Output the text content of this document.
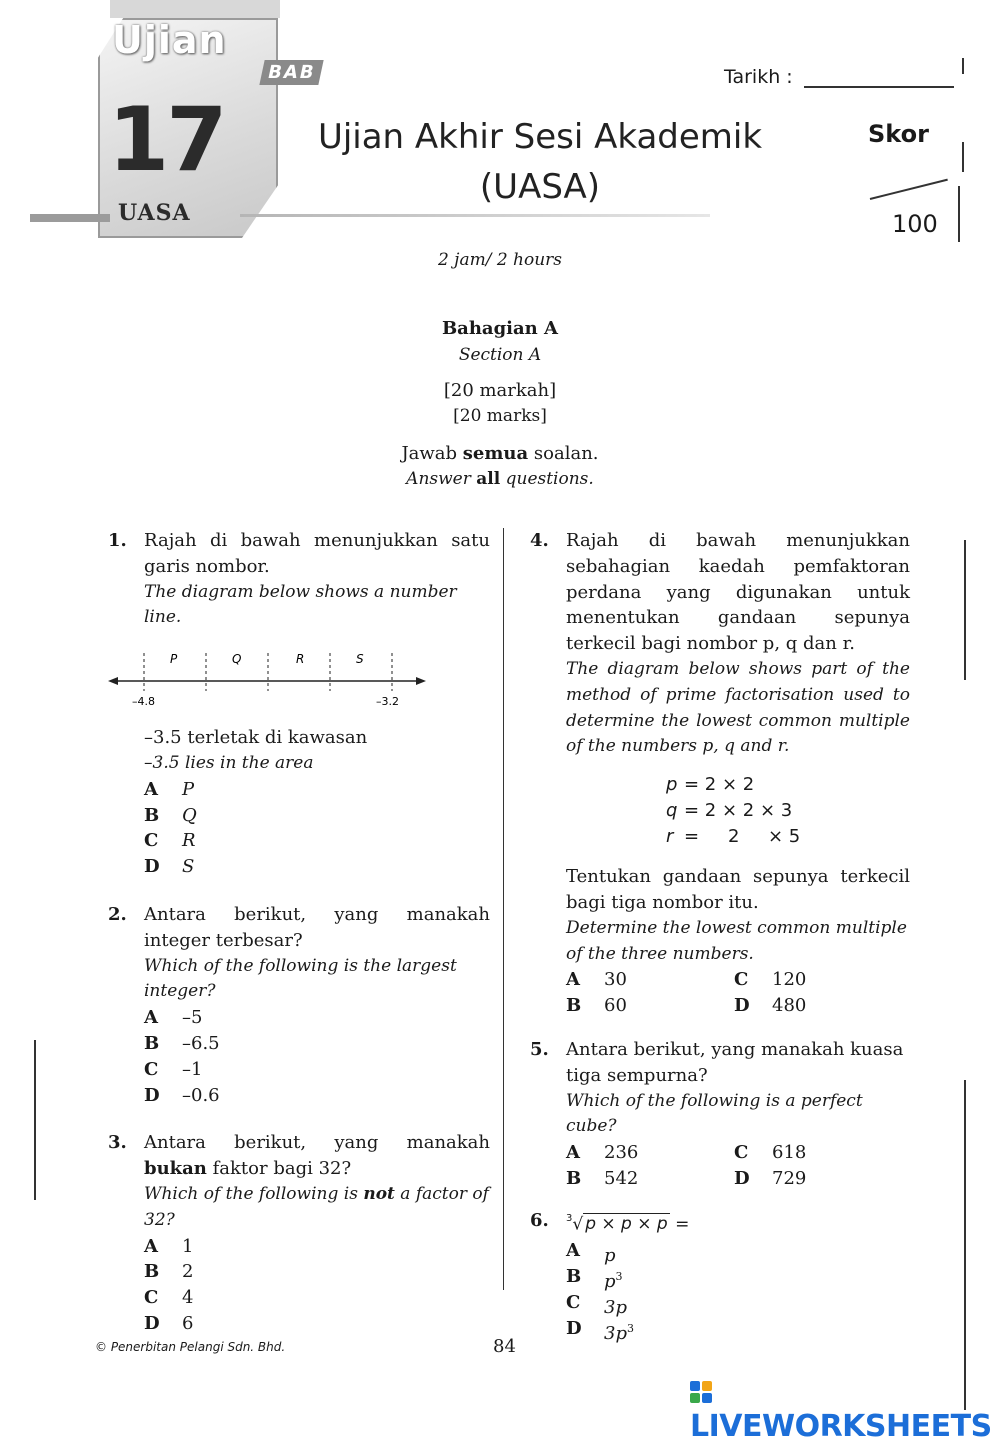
Ujian
17
UASA
BAB
Ujian Akhir Sesi Akademik
(UASA)
Tarikh :
Skor
100
2 jam/ 2 hours
Bahagian A
Section A
[20 markah]
[20 marks]
Jawab semua soalan.
Answer all questions.
1. Rajah di bawah menunjukkan satu garis nombor.
The diagram below shows a number line.
P	Q	R	S
–4.8	–3.2
–3.5 terletak di kawasan
–3.5 lies in the area
A	P
B	Q
C	R
D	S
2. Antara berikut, yang manakah integer terbesar?
Which of the following is the largest integer?
A	–5
B	–6.5
C	–1
D	–0.6
3. Antara berikut, yang manakah bukan faktor bagi 32?
Which of the following is not a factor of 32?
A	1
B	2
C	4
D	6
4. Rajah di bawah menunjukkan sebahagian kaedah pemfaktoran perdana yang digunakan untuk menentukan gandaan sepunya terkecil bagi nombor p, q dan r.
The diagram below shows part of the method of prime factorisation used to determine the lowest common multiple of the numbers p, q and r.
p = 2 × 2
q = 2 × 2 × 3
r = 2 × 5
Tentukan gandaan sepunya terkecil bagi tiga nombor itu.
Determine the lowest common multiple of the three numbers.
A	30	C	120
B	60	D	480
5. Antara berikut, yang manakah kuasa tiga sempurna?
Which of the following is a perfect cube?
A	236	C	618
B	542	D	729
6.	$^3$√ p × p × p =
A	p
B	$p^3$
C	3p
D	$3p^3$
© Penerbitan Pelangi Sdn. Bhd.	84
LIVEWORKSHEETS
